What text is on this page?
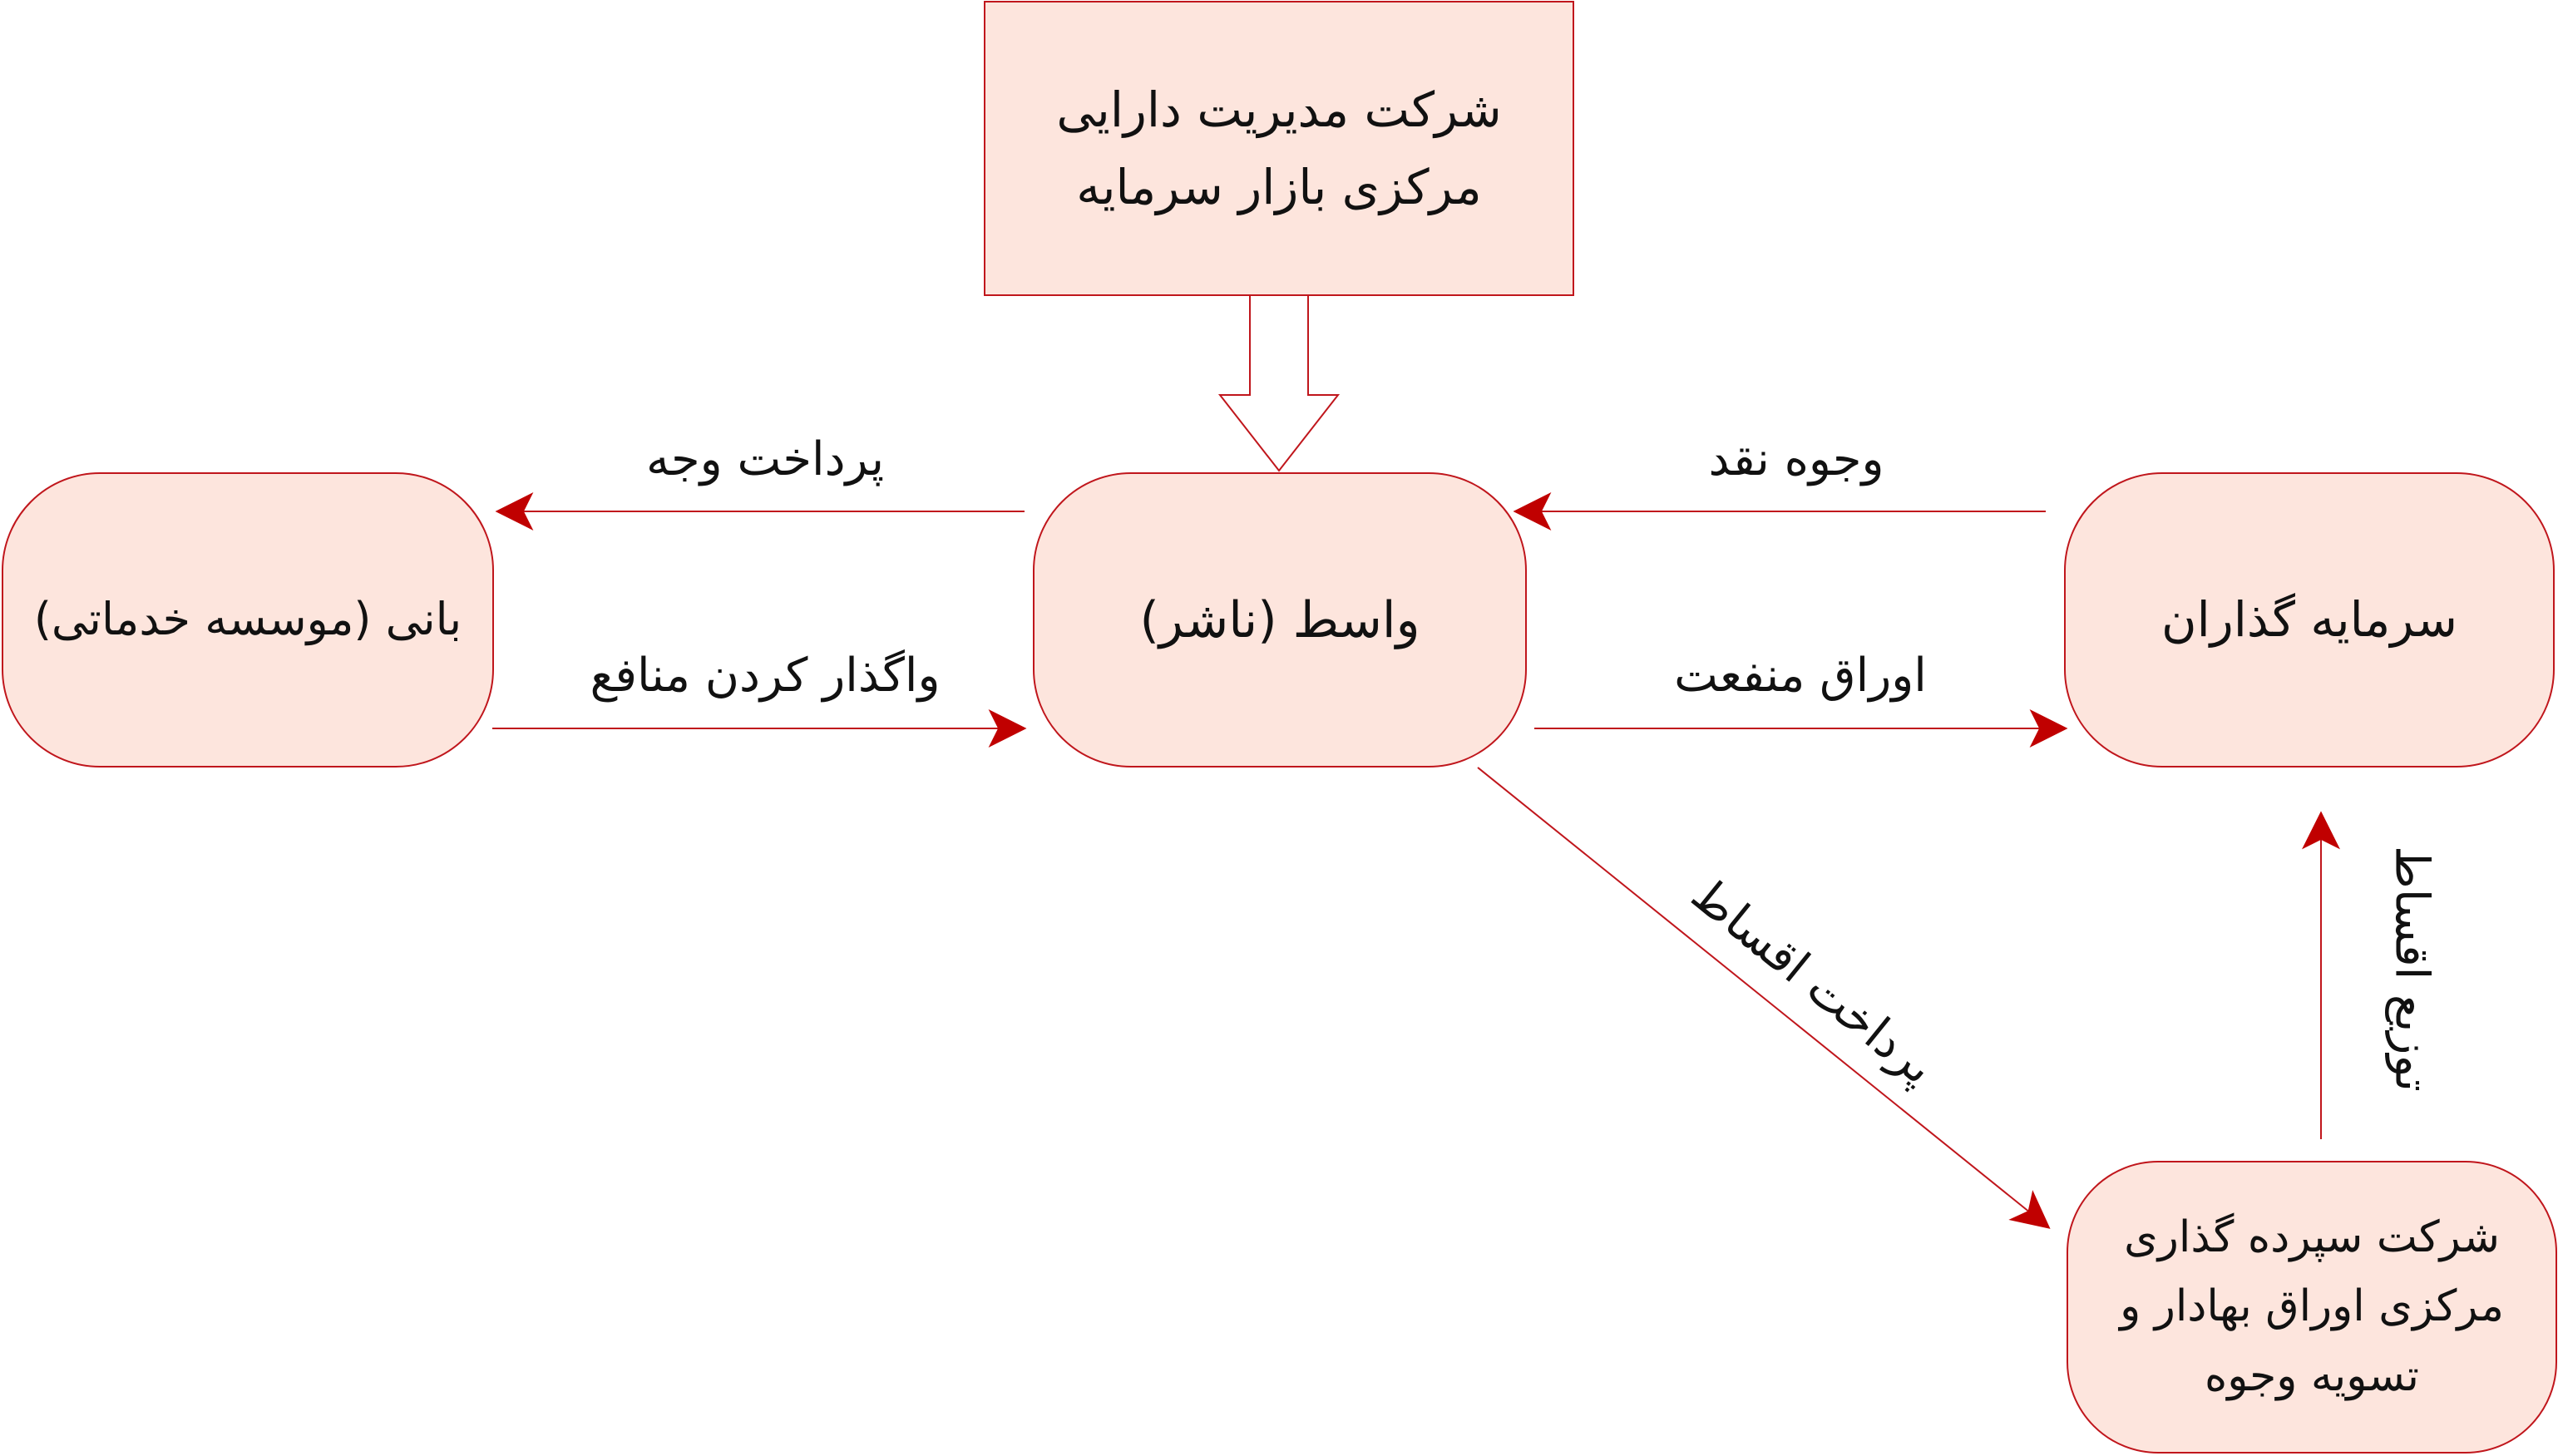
شرکت مدیریت دارایی
مرکزی بازار سرمایه
بانی (موسسه خدماتی)	واسط (ناشر)	سرمایه گذاران
شرکت سپرده گذاری
مرکزی اوراق بهادار و
تسویه وجوه
پرداخت وجه
واگذار کردن منافع
وجوه نقد
اوراق منفعت
پرداخت اقساط	توزیع اقساط
